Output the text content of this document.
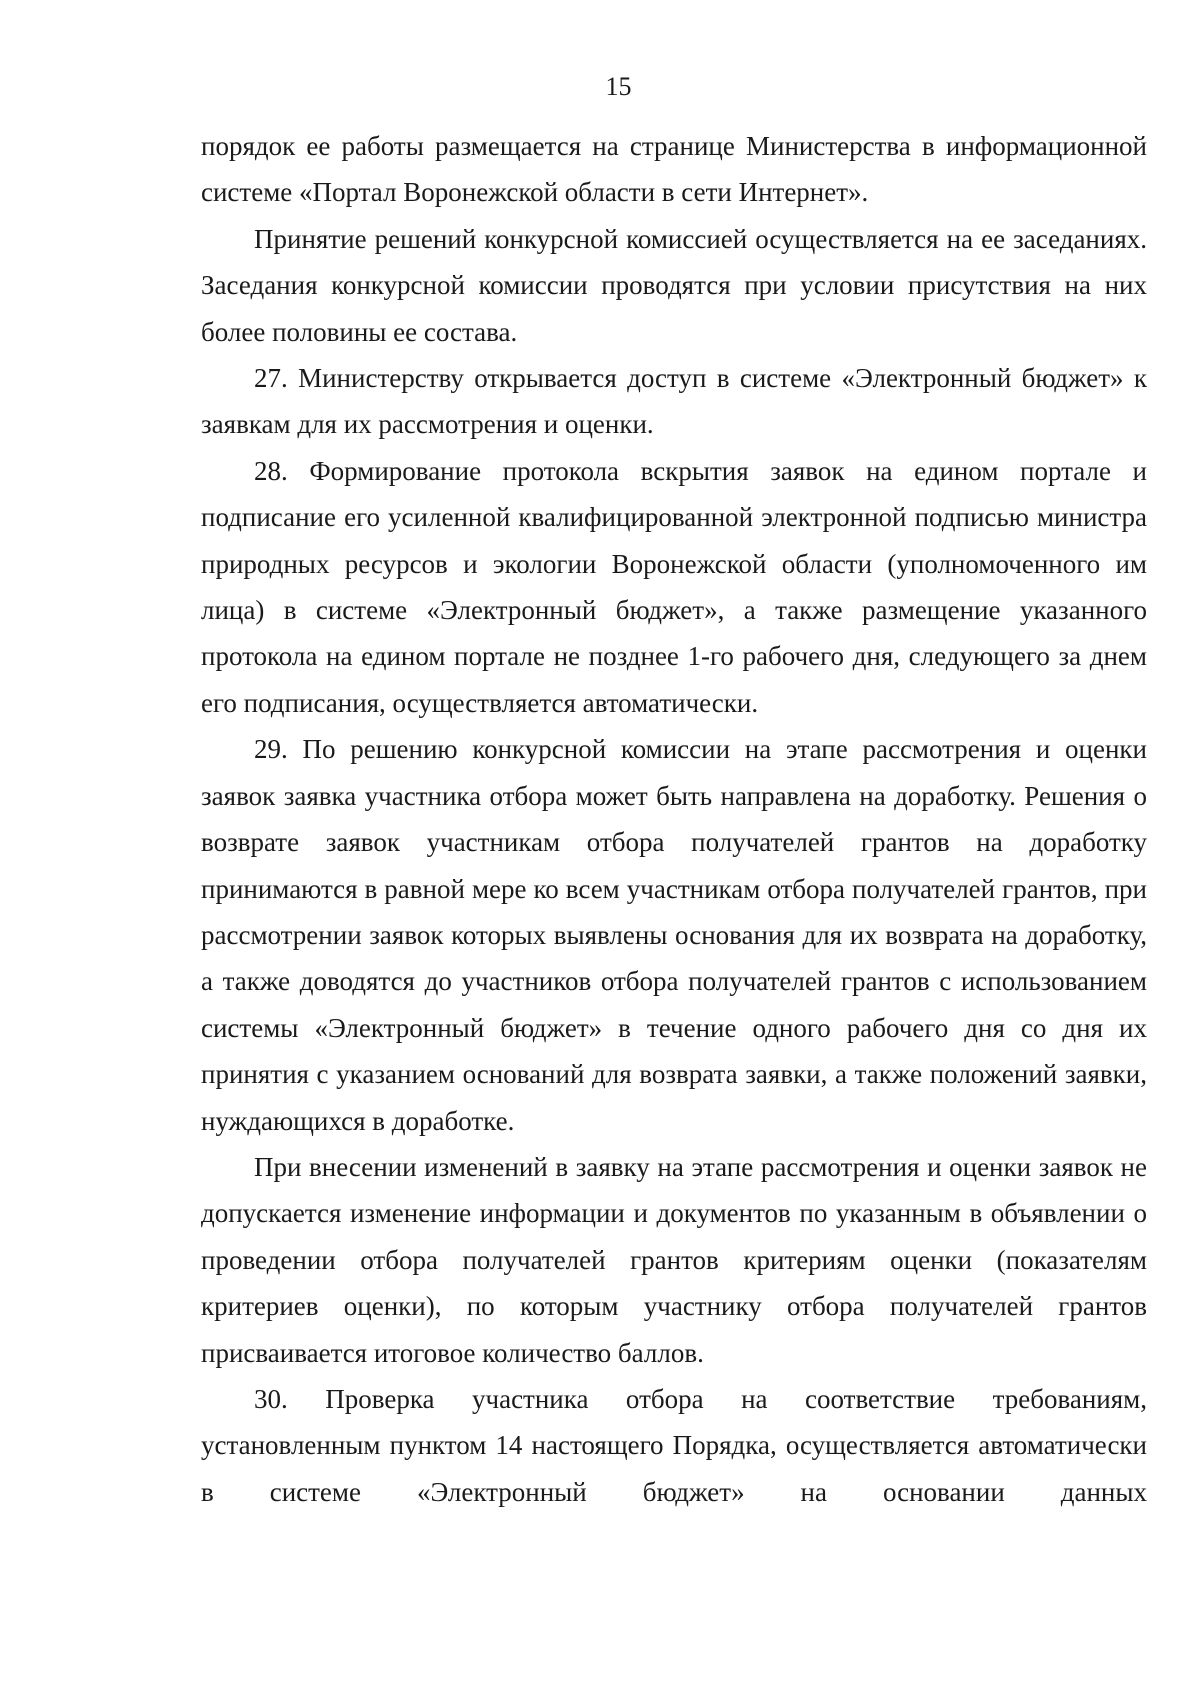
15

порядок ее работы размещается на странице Министерства в информационной системе «Портал Воронежской области в сети Интернет».

Принятие решений конкурсной комиссией осуществляется на ее заседаниях. Заседания конкурсной комиссии проводятся при условии присутствия на них более половины ее состава.

27. Министерству открывается доступ в системе «Электронный бюджет» к заявкам для их рассмотрения и оценки.

28. Формирование протокола вскрытия заявок на едином портале и подписание его усиленной квалифицированной электронной подписью министра природных ресурсов и экологии Воронежской области (уполномоченного им лица) в системе «Электронный бюджет», а также размещение указанного протокола на едином портале не позднее 1-го рабочего дня, следующего за днем его подписания, осуществляется автоматически.

29. По решению конкурсной комиссии на этапе рассмотрения и оценки заявок заявка участника отбора может быть направлена на доработку. Решения о возврате заявок участникам отбора получателей грантов на доработку принимаются в равной мере ко всем участникам отбора получателей грантов, при рассмотрении заявок которых выявлены основания для их возврата на доработку, а также доводятся до участников отбора получателей грантов с использованием системы «Электронный бюджет» в течение одного рабочего дня со дня их принятия с указанием оснований для возврата заявки, а также положений заявки, нуждающихся в доработке.

При внесении изменений в заявку на этапе рассмотрения и оценки заявок не допускается изменение информации и документов по указанным в объявлении о проведении отбора получателей грантов критериям оценки (показателям критериев оценки), по которым участнику отбора получателей грантов присваивается итоговое количество баллов.

30. Проверка участника отбора на соответствие требованиям, установленным пунктом 14 настоящего Порядка, осуществляется автоматически в системе «Электронный бюджет» на основании данных
